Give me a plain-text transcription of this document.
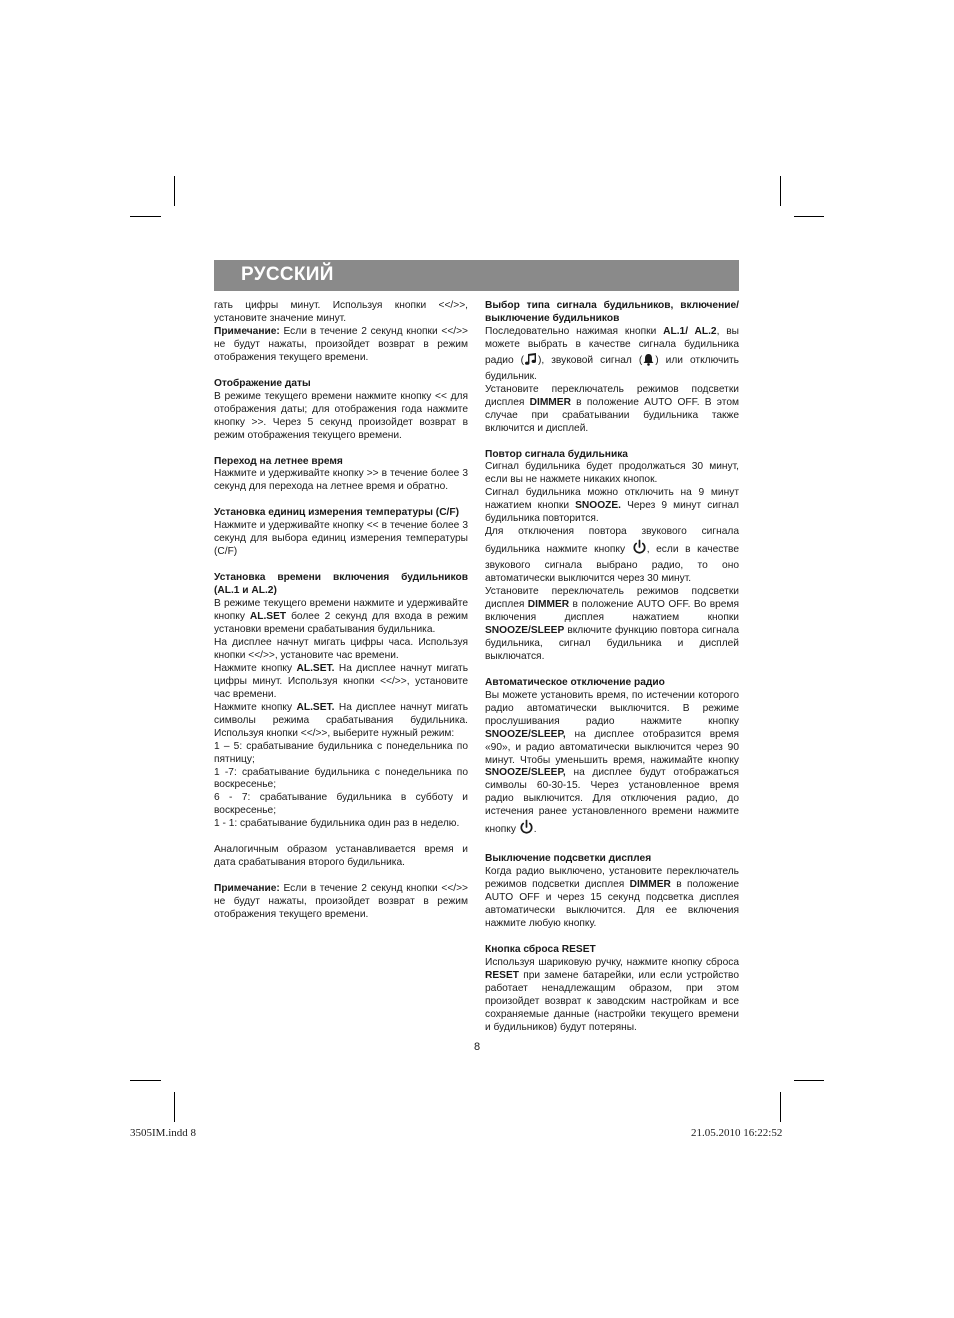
РУССКИЙ

гать цифры минут. Используя кнопки <</>>, установите значение минут.

Примечание: Если в течение 2 секунд кнопки <</>> не будут нажаты, произойдет возврат в режим отображения текущего времени.

Отображение даты

В режиме текущего времени нажмите кнопку << для отображения даты; для отображения года нажмите кнопку >>. Через 5 секунд произойдет возврат в режим отображения текущего времени.

Переход на летнее время

Нажмите и удерживайте кнопку >> в течение более 3 секунд для перехода на летнее время и обратно.

Установка единиц измерения температуры (C/F)

Нажмите и удерживайте кнопку << в течение более 3 секунд для выбора единиц измерения температуры (C/F)

Установка времени включения будильников (AL.1 и AL.2)

В режиме текущего времени нажмите и удерживайте кнопку AL.SET более 2 секунд для входа в режим установки времени срабатывания будильника.

На дисплее начнут мигать цифры часа. Используя кнопки <</>>, установите час времени.

Нажмите кнопку AL.SET. На дисплее начнут мигать цифры минут. Используя кнопки <</>>, установите час времени.

Нажмите кнопку AL.SET. На дисплее начнут мигать символы режима срабатывания будильника. Используя кнопки <</>>, выберите нужный режим:

1 – 5: срабатывание будильника с понедельника по пятницу;

1 -7: срабатывание будильника с понедельника по воскресенье;

6 - 7: срабатывание будильника в субботу и воскресенье;

1 - 1: срабатывание будильника один раз в неделю.

Аналогичным образом устанавливается время и дата срабатывания второго будильника.

Примечание: Если в течение 2 секунд кнопки <</>> не будут нажаты, произойдет возврат в режим отображения текущего времени.

Выбор типа сигнала будильников, включение/выключение будильников

Последовательно нажимая кнопки AL.1/ AL.2, вы можете выбрать в качестве сигнала будильника радио ( ), звуковой сигнал ( ) или отключить будильник.

Установите переключатель режимов подсветки дисплея DIMMER в положение AUTO OFF. В этом случае при срабатывании будильника также включится и дисплей.

Повтор сигнала будильника

Сигнал будильника будет продолжаться 30 минут, если вы не нажмете никаких кнопок.

Сигнал будильника можно отключить на 9 минут нажатием кнопки SNOOZE. Через 9 минут сигнал будильника повторится.

Для отключения повтора звукового сигнала будильника нажмите кнопку , если в качестве звукового сигнала выбрано радио, то оно автоматически выключится через 30 минут.

Установите переключатель режимов подсветки дисплея DIMMER в положение AUTO OFF. Во время включения дисплея нажатием кнопки SNOOZE/SLEEP включите функцию повтора сигнала будильника, сигнал будильника и дисплей выключатся.

Автоматическое отключение радио

Вы можете установить время, по истечении которого радио автоматически выключится. В режиме прослушивания радио нажмите кнопку SNOOZE/SLEEP, на дисплее отобразится время «90», и радио автоматически выключится через 90 минут. Чтобы уменьшить время, нажимайте кнопку SNOOZE/SLEEP, на дисплее будут отображаться символы 60-30-15. Через установленное время радио выключится. Для отключения радио, до истечения ранее установленного времени нажмите кнопку .

Выключение подсветки дисплея

Когда радио выключено, установите переключатель режимов подсветки дисплея DIMMER в положение AUTO OFF и через 15 секунд подсветка дисплея автоматически выключится. Для ее включения нажмите любую кнопку.

Кнопка сброса RESET

Используя шариковую ручку, нажмите кнопку сброса RESET при замене батарейки, или если устройство работает ненадлежащим образом, при этом произойдет возврат к заводским настройкам и все сохраняемые данные (настройки текущего времени и будильников) будут потеряны.

8
3505IM.indd 8	21.05.2010 16:22:52
